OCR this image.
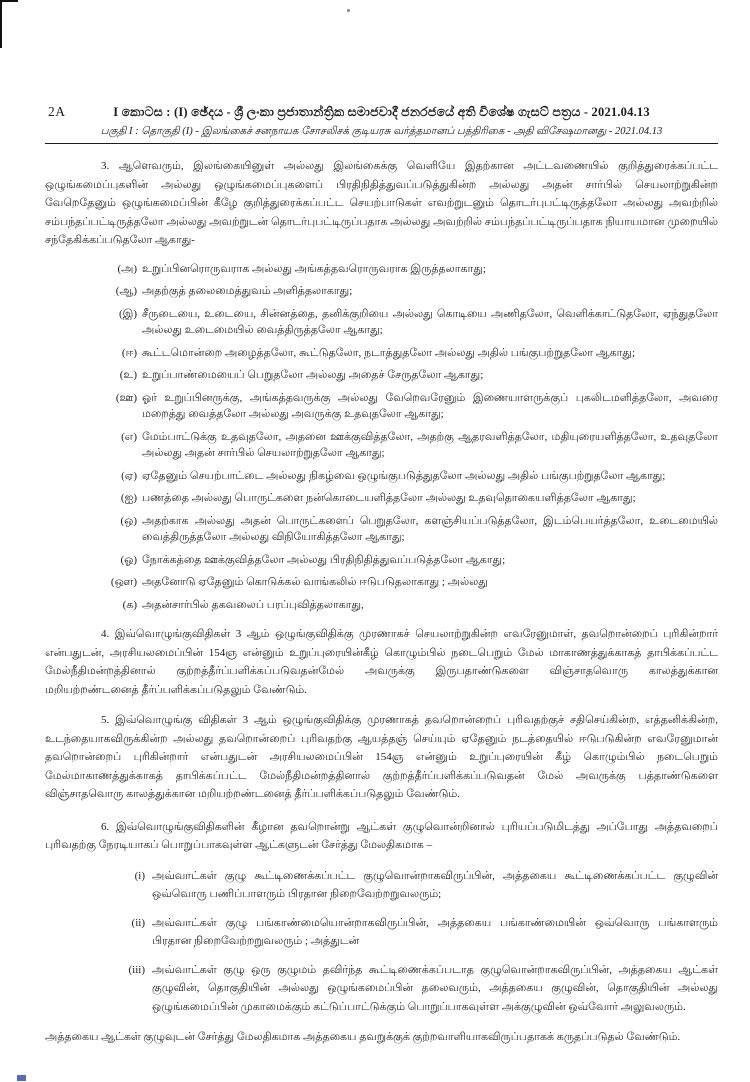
2A	I කොටස : (I) ඡේදය - ශ්‍රී ලංකා ප්‍රජාතාන්ත්‍රික සමාජවාදී ජනරජයේ අති විශේෂ ගැසට් පත්‍රය - 2021.04.13
பகுதி I : தொகுதி (I) - இலங்கைச் சனநாயக சோசலிசக் குடியரசு வர்த்தமானப் பத்திரிகை - அதி விசேஷமானது - 2021.04.13

3. ஆளெவரும், இலங்கையினுள் அல்லது இலங்கைக்கு வெளியே இதற்கான அட்டவணையில் குறித்துரைக்கப்பட்ட ஒழுங்கமைப்புகளின் அல்லது ஒழுங்கமைப்புகளைப் பிரதிநிதித்துவப்படுத்துகின்ற அல்லது அதன் சார்பில் செயலாற்றுகின்ற வேறெதேனும் ஒழுங்கமைப்பின் கீழே குறித்துரைக்கப்பட்ட செயற்பாடுகள் எவற்றுடனும் தொடர்புபட்டிருத்தலோ அல்லது அவற்றில் சம்பந்தப்பட்டிருத்தலோ அல்லது அவற்றுடன் தொடர்புபட்டிருப்பதாக அல்லது அவற்றில் சம்பந்தப்பட்டிருப்பதாக நியாயமான முறையில் சந்தேகிக்கப்படுதலோ ஆகாது-

(அ) உறுப்பினரொருவராக அல்லது அங்கத்தவரொருவராக இருத்தலாகாது;
(ஆ) அதற்குத் தலைமைத்துவம் அளித்தலாகாது;
(இ) சீருடையை, உடையை, சின்னத்தை, தனிக்குறியை அல்லது கொடியை அணிதலோ, வெளிக்காட்டுதலோ, ஏந்துதலோ அல்லது உடைமையில் வைத்திருத்தலோ ஆகாது;
(ஈ) கூட்டமொன்றை அழைத்தலோ, கூட்டுதலோ, நடாத்துதலோ அல்லது அதில் பங்குபற்றுதலோ ஆகாது;
(உ) உறுப்பாண்மையைப் பெறுதலோ அல்லது அதைச் சேருதலோ ஆகாது;
(ஊ) ஓர் உறுப்பினருக்கு, அங்கத்தவருக்கு அல்லது வேறெவரேனும் இணையாளருக்குப் புகலிடமளித்தலோ, அவரை மறைத்து வைத்தலோ அல்லது அவருக்கு உதவுதலோ ஆகாது;
(எ) மேம்பாட்டுக்கு உதவுதலோ, அதனை ஊக்குவித்தலோ, அதற்கு ஆதரவளித்தலோ, மதியுரையளித்தலோ, உதவுதலோ அல்லது அதன் சார்பில் செயலாற்றுதலோ ஆகாது;
(ஏ) ஏதேனும் செயற்பாட்டை அல்லது நிகழ்வை ஒழுங்குபடுத்துதலோ அல்லது அதில் பங்குபற்றுதலோ ஆகாது;
(ஐ) பணத்தை அல்லது பொருட்களை நன்கொடையளித்தலோ அல்லது உதவுதொகையளித்தலோ ஆகாது;
(ஒ) அதற்காக அல்லது அதன் பொருட்களைப் பெறுதலோ, களஞ்சியப்படுத்தலோ, இடம்பெயர்த்தலோ, உடைமையில் வைத்திருத்தலோ அல்லது விநியோகித்தலோ ஆகாது;
(ஓ) நோக்கத்தை ஊக்குவித்தலோ அல்லது பிரதிநிதித்துவப்படுத்தலோ ஆகாது;
(ஔ) அதனோடு ஏதேனும் கொடுக்கல் வாங்கலில் ஈடுபடுதலாகாது ; அல்லது
(க) அதன்சார்பில் தகவலைப் பரப்புவித்தலாகாது,

4. இவ்வொழுங்குவிதிகள் 3 ஆம் ஒழுங்குவிதிக்கு முரணாகச் செயலாற்றுகின்ற எவரேனுமாள், தவறொன்றைப் புரிகின்றார் என்பதுடன், அரசியலமைப்பின் 154ஞ என்னும் உறுப்புரையின்கீழ் கொழும்பில் நடைபெறும் மேல் மாகாணத்துக்காகத் தாபிக்கப்பட்ட மேல்நீதிமன்றத்தினால் குற்றத்தீர்ப்பளிக்கப்படுவதன்மேல் அவருக்கு இருபதாண்டுகளை விஞ்சாதவொரு காலத்துக்கான மறியற்றண்டனைத் தீர்ப்பளிக்கப்படுதலும் வேண்டும்.

5. இவ்வொழுங்கு விதிகள் 3 ஆம் ஒழுங்குவிதிக்கு முரணாகத் தவறொன்றைப் புரிவதற்குச் சதிசெய்கின்ற, எத்தனிக்கின்ற, உடந்தையாகவிருக்கின்ற அல்லது தவறொன்றைப் புரிவதற்கு ஆயத்தஞ் செய்யும் ஏதேனும் நடத்தையில் ஈடுபடுகின்ற எவரேனுமான் தவறொன்றைப் புரிகின்றார் என்பதுடன் அரசியலமைப்பின் 154ஞ என்னும் உறுப்புரையின் கீழ் கொழும்பில் நடைபெறும் மேல்மாகாணத்துக்காகத் தாபிக்கப்பட்ட மேல்நீதிமன்றத்தினால் குற்றத்தீர்ப்பளிக்கப்படுவதன் மேல் அவருக்கு பத்தாண்டுகளை விஞ்சாதவொரு காலத்துக்கான மறியற்றண்டனைத் தீர்ப்பளிக்கப்படுதலும் வேண்டும்.

6. இவ்வொழுங்குவிதிகளின் கீழான தவறொன்று ஆட்கள் குழுவொன்றினால் புரியப்படுமிடத்து அப்போது அத்தவறைப் புரிவதற்கு நேரடியாகப் பொறுப்பாகவுள்ள ஆட்களுடன் சேர்த்து மேலதிகமாக –

(i) அவ்வாட்கள் குழு கூட்டிணைக்கப்பட்ட குழுவொன்றாகவிருப்பின், அத்தகைய கூட்டிணைக்கப்பட்ட குழுவின் ஒவ்வொரு பணிப்பாளரும் பிரதான நிறைவேற்றறுவலரும்;
(ii) அவ்வாட்கள் குழு பங்காண்மையொன்றாகவிருப்பின், அத்தகைய பங்காண்மையின் ஒவ்வொரு பங்காளரும் பிரதான நிறைவேற்றறுவலரும் ; அத்துடன்
(iii) அவ்வாட்கள் குழு ஒரு குழுமம் தவிர்ந்த கூட்டிணைக்கப்படாத குழுவொன்றாகவிருப்பின், அத்தகைய ஆட்கள் குழுவின், தொகுதியின் அல்லது ஒழுங்கமைப்பின் தலைவரும், அத்தகைய குழுவின், தொகுதியின் அல்லது ஒழுங்கமைப்பின் முகாமைக்கும் கட்டுப்பாட்டுக்கும் பொறுப்பாகவுள்ள அக்குழுவின் ஒவ்வோர் அலுவலரும்.

அத்தகைய ஆட்கள் குழுவுடன் சேர்த்து மேலதிகமாக அத்தகைய தவறுக்குக் குற்றவாளியாகவிருப்பதாகக் கருதப்படுதல் வேண்டும்.
